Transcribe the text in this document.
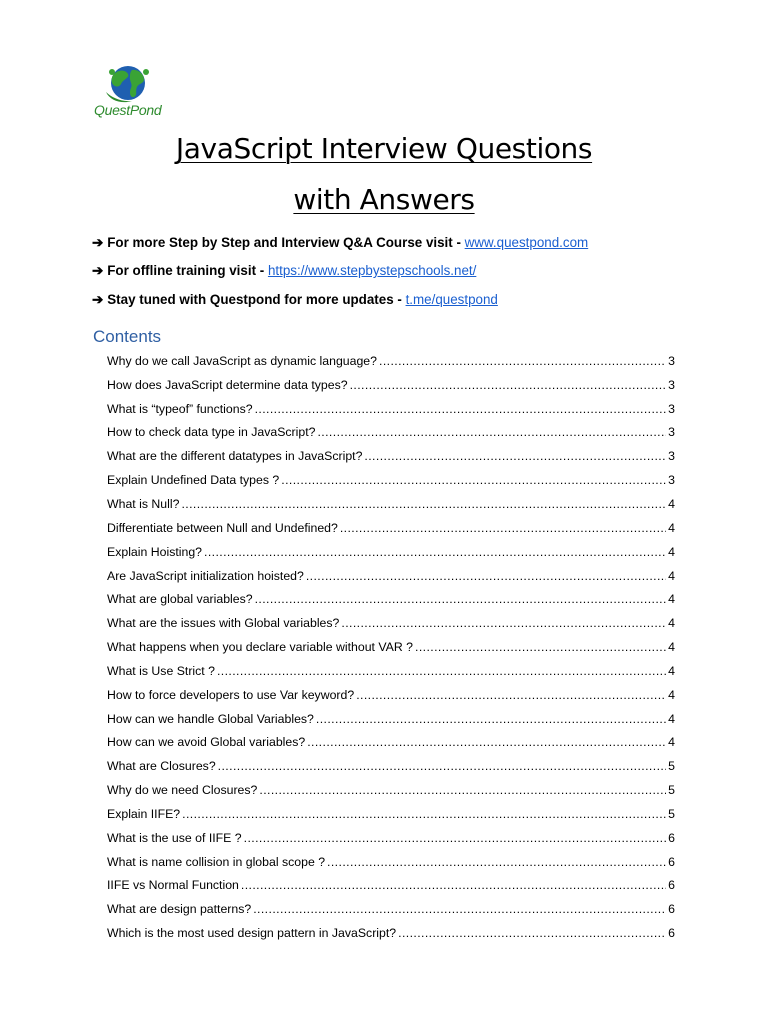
QuestPond
JavaScript Interview Questions
with Answers
➔ For more Step by Step and Interview Q&A Course visit - www.questpond.com
➔ For offline training visit - https://www.stepbystepschools.net/
➔ Stay tuned with Questpond for more updates - t.me/questpond
Contents
Why do we call JavaScript as dynamic language? .....	3
How does JavaScript determine data types? .....	3
What is “typeof” functions? .....	3
How to check data type in JavaScript? .....	3
What are the different datatypes in JavaScript? .....	3
Explain Undefined Data types ? .....	3
What is Null? .....	4
Differentiate between Null and Undefined? .....	4
Explain Hoisting? .....	4
Are JavaScript initialization hoisted? .....	4
What are global variables? .....	4
What are the issues with Global variables? .....	4
What happens when you declare variable without VAR ? .....	4
What is Use Strict ? .....	4
How to force developers to use Var keyword? .....	4
How can we handle Global Variables? .....	4
How can we avoid Global variables? .....	4
What are Closures? .....	5
Why do we need Closures? .....	5
Explain IIFE? .....	5
What is the use of IIFE ? .....	6
What is name collision in global scope ? .....	6
IIFE vs Normal Function .....	6
What are design patterns? .....	6
Which is the most used design pattern in JavaScript? .....	6
